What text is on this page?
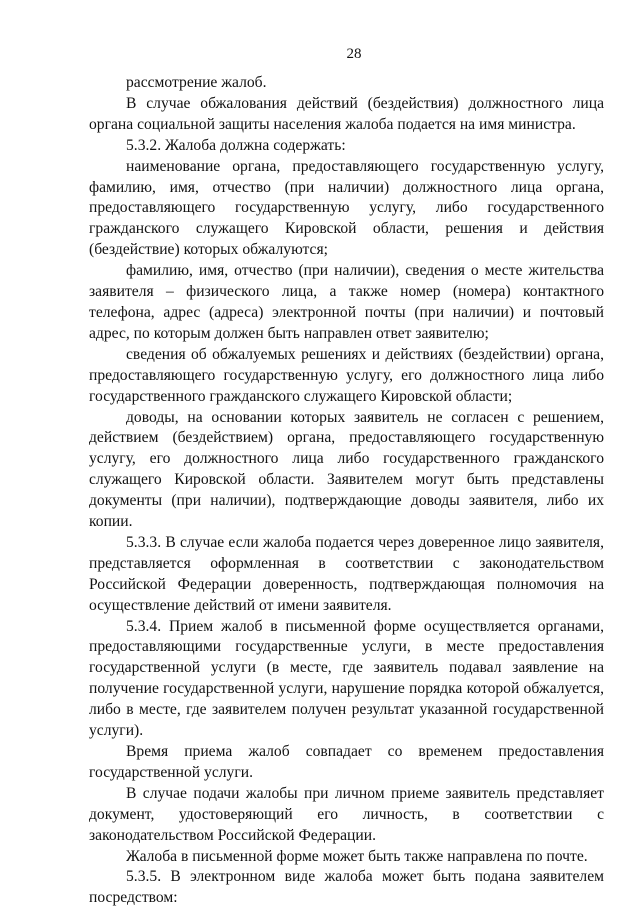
28

рассмотрение жалоб.

В случае обжалования действий (бездействия) должностного лица органа социальной защиты населения жалоба подается на имя министра.

5.3.2. Жалоба должна содержать:

наименование органа, предоставляющего государственную услугу, фамилию, имя, отчество (при наличии) должностного лица органа, предоставляющего государственную услугу, либо государственного гражданского служащего Кировской области, решения и действия (бездействие) которых обжалуются;

фамилию, имя, отчество (при наличии), сведения о месте жительства заявителя – физического лица, а также номер (номера) контактного телефона, адрес (адреса) электронной почты (при наличии) и почтовый адрес, по которым должен быть направлен ответ заявителю;

сведения об обжалуемых решениях и действиях (бездействии) органа, предоставляющего государственную услугу, его должностного лица либо государственного гражданского служащего Кировской области;

доводы, на основании которых заявитель не согласен с решением, действием (бездействием) органа, предоставляющего государственную услугу, его должностного лица либо государственного гражданского служащего Кировской области. Заявителем могут быть представлены документы (при наличии), подтверждающие доводы заявителя, либо их копии.

5.3.3. В случае если жалоба подается через доверенное лицо заявителя, представляется оформленная в соответствии с законодательством Российской Федерации доверенность, подтверждающая полномочия на осуществление действий от имени заявителя.

5.3.4. Прием жалоб в письменной форме осуществляется органами, предоставляющими государственные услуги, в месте предоставления государственной услуги (в месте, где заявитель подавал заявление на получение государственной услуги, нарушение порядка которой обжалуется, либо в месте, где заявителем получен результат указанной государственной услуги).

Время приема жалоб совпадает со временем предоставления государственной услуги.

В случае подачи жалобы при личном приеме заявитель представляет документ, удостоверяющий его личность, в соответствии с законодательством Российской Федерации.

Жалоба в письменной форме может быть также направлена по почте.

5.3.5. В электронном виде жалоба может быть подана заявителем посредством:
